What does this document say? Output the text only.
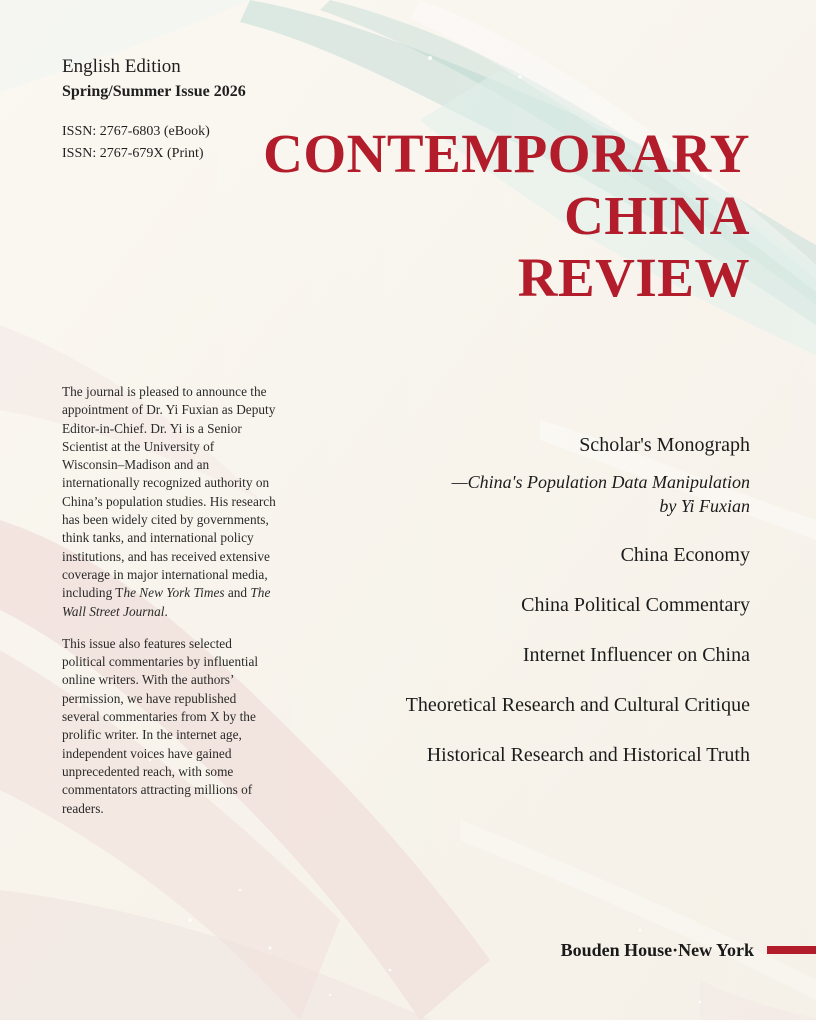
English Edition

Spring/Summer Issue 2026

ISSN: 2767-6803 (eBook)
ISSN: 2767-679X (Print)	CONTEMPORARY
CHINA
REVIEW

The journal is pleased to announce the appointment of Dr. Yi Fuxian as Deputy Editor-in-Chief. Dr. Yi is a Senior Scientist at the University of Wisconsin–Madison and an internationally recognized authority on China’s population studies. His research has been widely cited by governments, think tanks, and international policy institutions, and has received extensive coverage in major international media, including The New York Times and The Wall Street Journal.

This issue also features selected political commentaries by influential online writers. With the authors’ permission, we have republished several commentaries from X by the prolific writer. In the internet age, independent voices have gained unprecedented reach, with some commentators attracting millions of readers.

Scholar's Monograph
—China's Population Data Manipulation
by Yi Fuxian
China Economy
China Political Commentary
Internet Influencer on China
Theoretical Research and Cultural Critique
Historical Research and Historical Truth
Bouden House·New York
